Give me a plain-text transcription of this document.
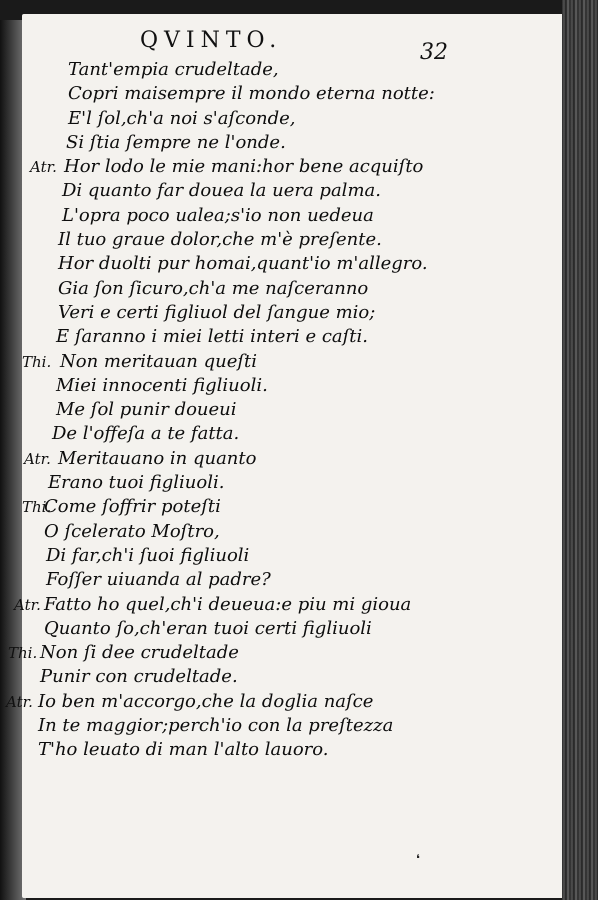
QVINTO.	32
Tant'empia crudeltade,
Copri maisempre il mondo eterna notte:
E'l ſol,ch'a noi s'aſconde,
Si ſtia ſempre ne l'onde.
Atr. Hor lodo le mie mani:hor bene acquiſto
Di quanto far douea la uera palma.
L'opra poco ualea;s'io non uedeua
Il tuo graue dolor,che m'è preſente.
Hor duolti pur homai,quant'io m'allegro.
Gia ſon ſicuro,ch'a me naſceranno
Veri e certi figliuol del ſangue mio;
E ſaranno i miei letti interi e caſti.
Thi. Non meritauan queſti
Miei innocenti figliuoli.
Me ſol punir doueui
De l'offeſa a te fatta.
Atr. Meritauano in quanto
Erano tuoi figliuoli.
Thi.
Come ſoffrir poteſti
O ſcelerato Moſtro,
Di far,ch'i ſuoi figliuoli
Foſſer uiuanda al padre?
Atr. Fatto ho quel,ch'i deueua:e piu mi gioua
Quanto ſo,ch'eran tuoi certi figliuoli
Thi. Non ſi dee crudeltade
Punir con crudeltade.
Atr. Io ben m'accorgo,che la doglia naſce
In te maggior;perch'io con la preſtezza
T'ho leuato di man l'alto lauoro.
❛
